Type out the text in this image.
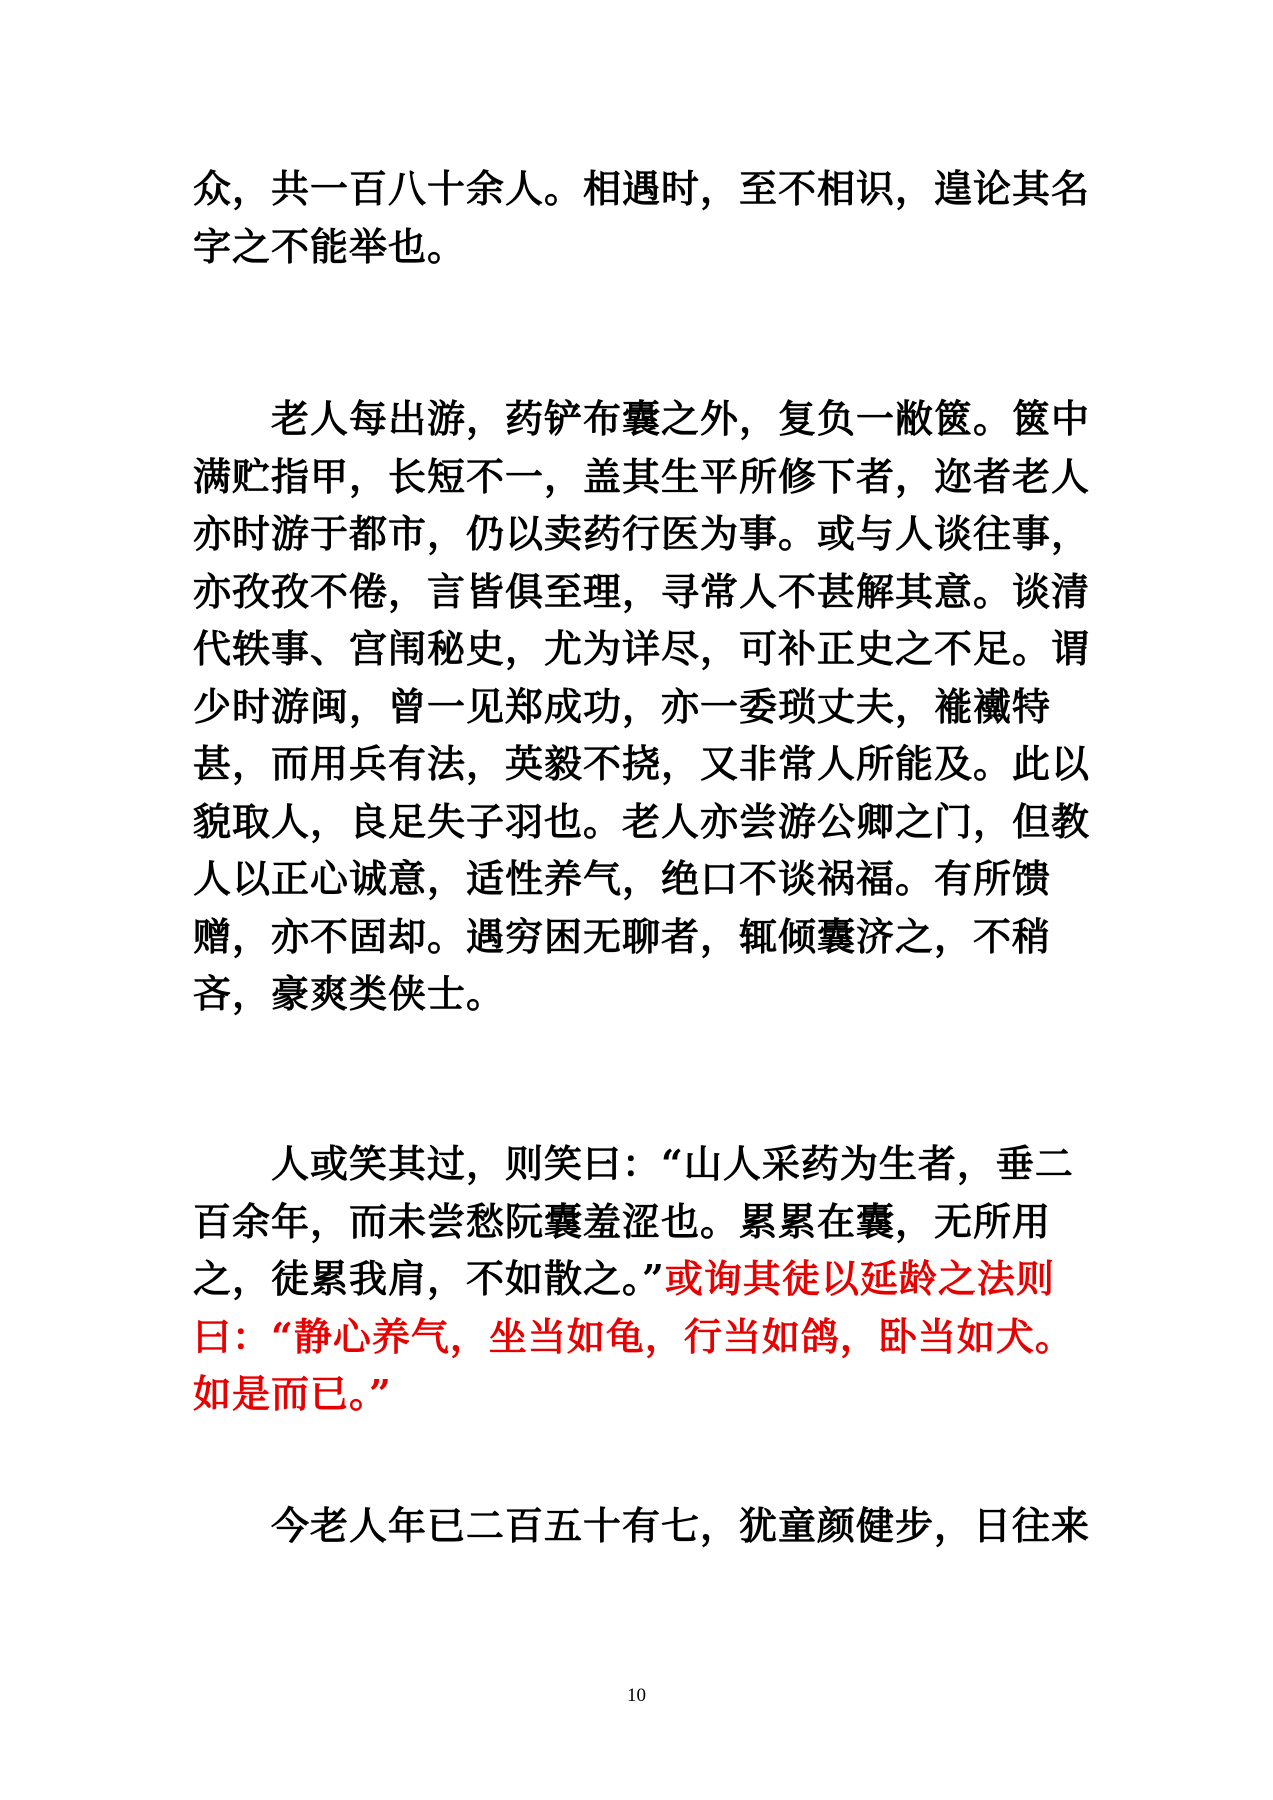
众，共一百八十余人。相遇时，至不相识，遑论其名
字之不能举也。
老人每出游，药铲布囊之外，复负一敝篋。篋中
满贮指甲，长短不一，盖其生平所修下者，迩者老人
亦时游于都市，仍以卖药行医为事。或与人谈往事，
亦孜孜不倦，言皆俱至理，寻常人不甚解其意。谈清
代轶事、宫闱秘史，尤为详尽，可补正史之不足。谓
少时游闽，曾一见郑成功，亦一委琐丈夫，褦襶特
甚，而用兵有法，英毅不挠，又非常人所能及。此以
貌取人，良足失子羽也。老人亦尝游公卿之门，但教
人以正心诚意，适性养气，绝口不谈祸福。有所馈
赠，亦不固却。遇穷困无聊者，辄倾囊济之，不稍
吝，豪爽类侠士。
人或笑其过，则笑曰：“山人采药为生者，垂二
百余年，而未尝愁阮囊羞涩也。累累在囊，无所用
之，徒累我肩，不如散之。”或询其徒以延龄之法则
曰：“静心养气，坐当如龟，行当如鸽，卧当如犬。
如是而已。”
今老人年已二百五十有七，犹童颜健步，日往来
10
